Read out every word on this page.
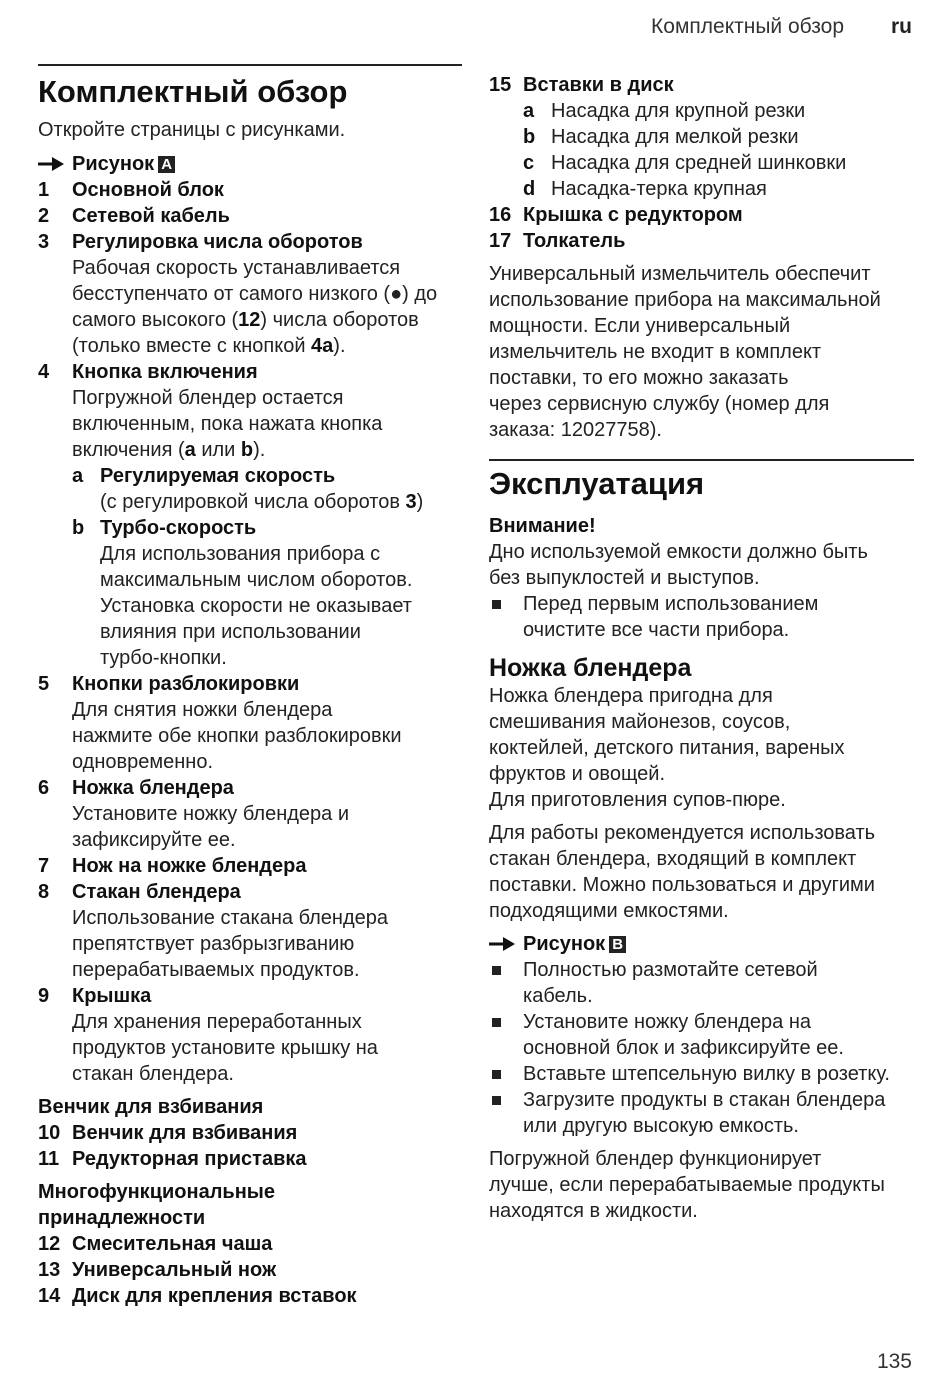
Комплектный обзор ru
135
Комплектный обзор
Откройте страницы с рисунками.
Рисунок A
1 Основной блок
2 Сетевой кабель
3 Регулировка числа оборотов
Рабочая скорость устанавливается
бесступенчато от самого низкого (●) до
самого высокого (12) числа оборотов
(только вместе с кнопкой 4a).
4 Кнопка включения
Погружной блендер остается
включенным, пока нажата кнопка
включения (a или b).
a Регулируемая скорость
(с регулировкой числа оборотов 3)
b Турбо-скорость
Для использования прибора с
максимальным числом оборотов.
Установка скорости не оказывает
влияния при использовании
турбо-кнопки.
5 Кнопки разблокировки
Для снятия ножки блендера
нажмите обе кнопки разблокировки
одновременно.
6 Ножка блендера
Установите ножку блендера и
зафиксируйте ее.
7 Нож на ножке блендера
8 Стакан блендера
Использование стакана блендера
препятствует разбрызгиванию
перерабатываемых продуктов.
9 Крышка
Для хранения переработанных
продуктов установите крышку на
стакан блендера.
Венчик для взбивания
10 Венчик для взбивания
11 Редукторная приставка
Многофункциональные
принадлежности
12 Смесительная чаша
13 Универсальный нож
14 Диск для крепления вставок
15 Вставки в диск
a Насадка для крупной резки
b Насадка для мелкой резки
c Насадка для средней шинковки
d Насадка-терка крупная
16 Крышка с редуктором
17 Толкатель
Универсальный измельчитель обеспечит
использование прибора на максимальной
мощности. Если универсальный
измельчитель не входит в комплект
поставки, то его можно заказать
через сервисную службу (номер для
заказа: 12027758).
Эксплуатация
Внимание!
Дно используемой емкости должно быть
без выпуклостей и выступов.
Перед первым использованием
очистите все части прибора.
Ножка блендера
Ножка блендера пригодна для
смешивания майонезов, соусов,
коктейлей, детского питания, вареных
фруктов и овощей.
Для приготовления супов-пюре.
Для работы рекомендуется использовать
стакан блендера, входящий в комплект
поставки. Можно пользоваться и другими
подходящими емкостями.
Рисунок B
Полностью размотайте сетевой
кабель.
Установите ножку блендера на
основной блок и зафиксируйте ее.
Вставьте штепсельную вилку в розетку.
Загрузите продукты в стакан блендера
или другую высокую емкость.
Погружной блендер функционирует
лучше, если перерабатываемые продукты
находятся в жидкости.
